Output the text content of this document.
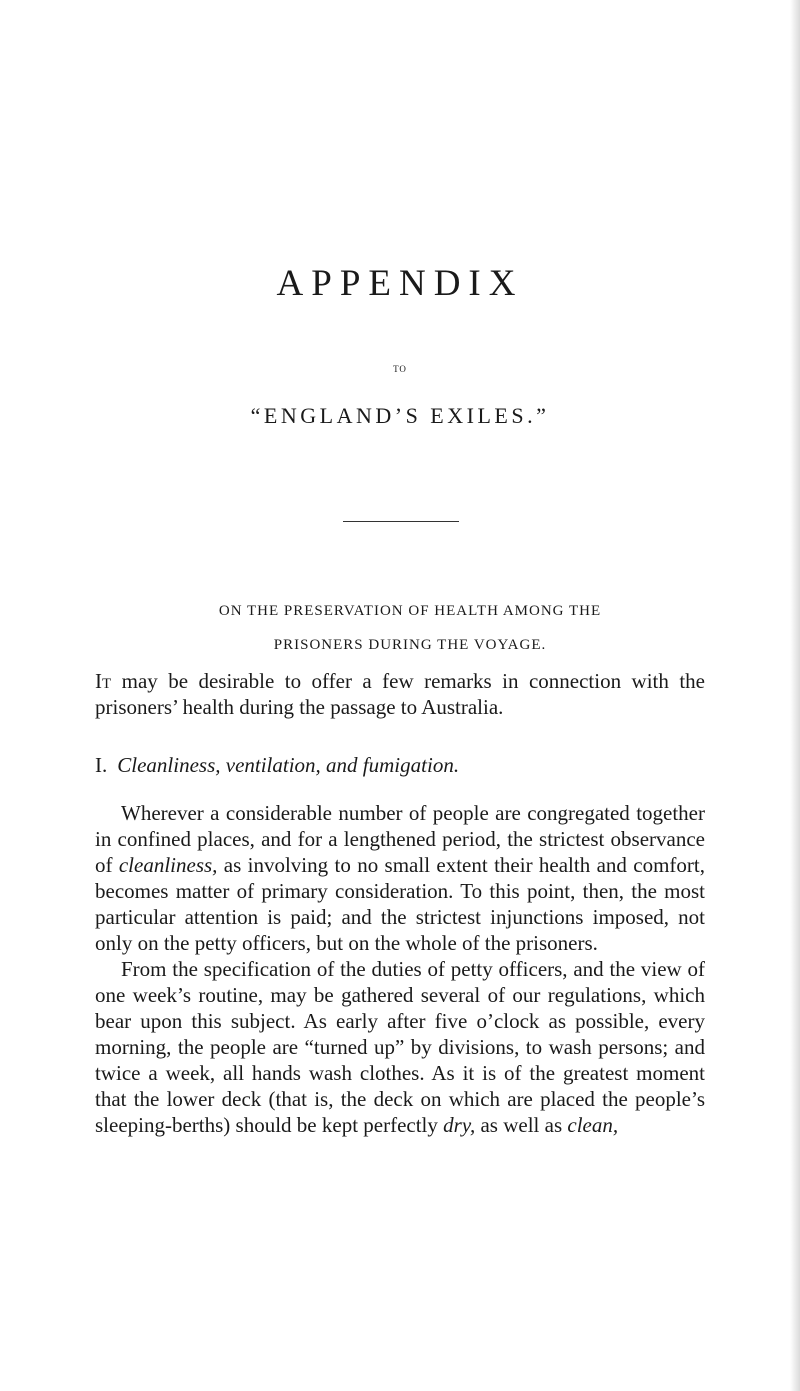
APPENDIX
TO
“ENGLAND’S EXILES.”
ON THE PRESERVATION OF HEALTH AMONG THE
PRISONERS DURING THE VOYAGE.
It may be desirable to offer a few remarks in connection with the prisoners’ health during the passage to Australia.
I. Cleanliness, ventilation, and fumigation.

Wherever a considerable number of people are congregated together in confined places, and for a lengthened period, the strictest observance of cleanliness, as involving to no small extent their health and comfort, becomes matter of primary consideration. To this point, then, the most particular attention is paid; and the strictest injunctions imposed, not only on the petty officers, but on the whole of the prisoners.

From the specification of the duties of petty officers, and the view of one week’s routine, may be gathered several of our regulations, which bear upon this subject. As early after five o’clock as possible, every morning, the people are “turned up” by divisions, to wash persons; and twice a week, all hands wash clothes. As it is of the greatest moment that the lower deck (that is, the deck on which are placed the people’s sleeping-berths) should be kept perfectly dry, as well as clean,
